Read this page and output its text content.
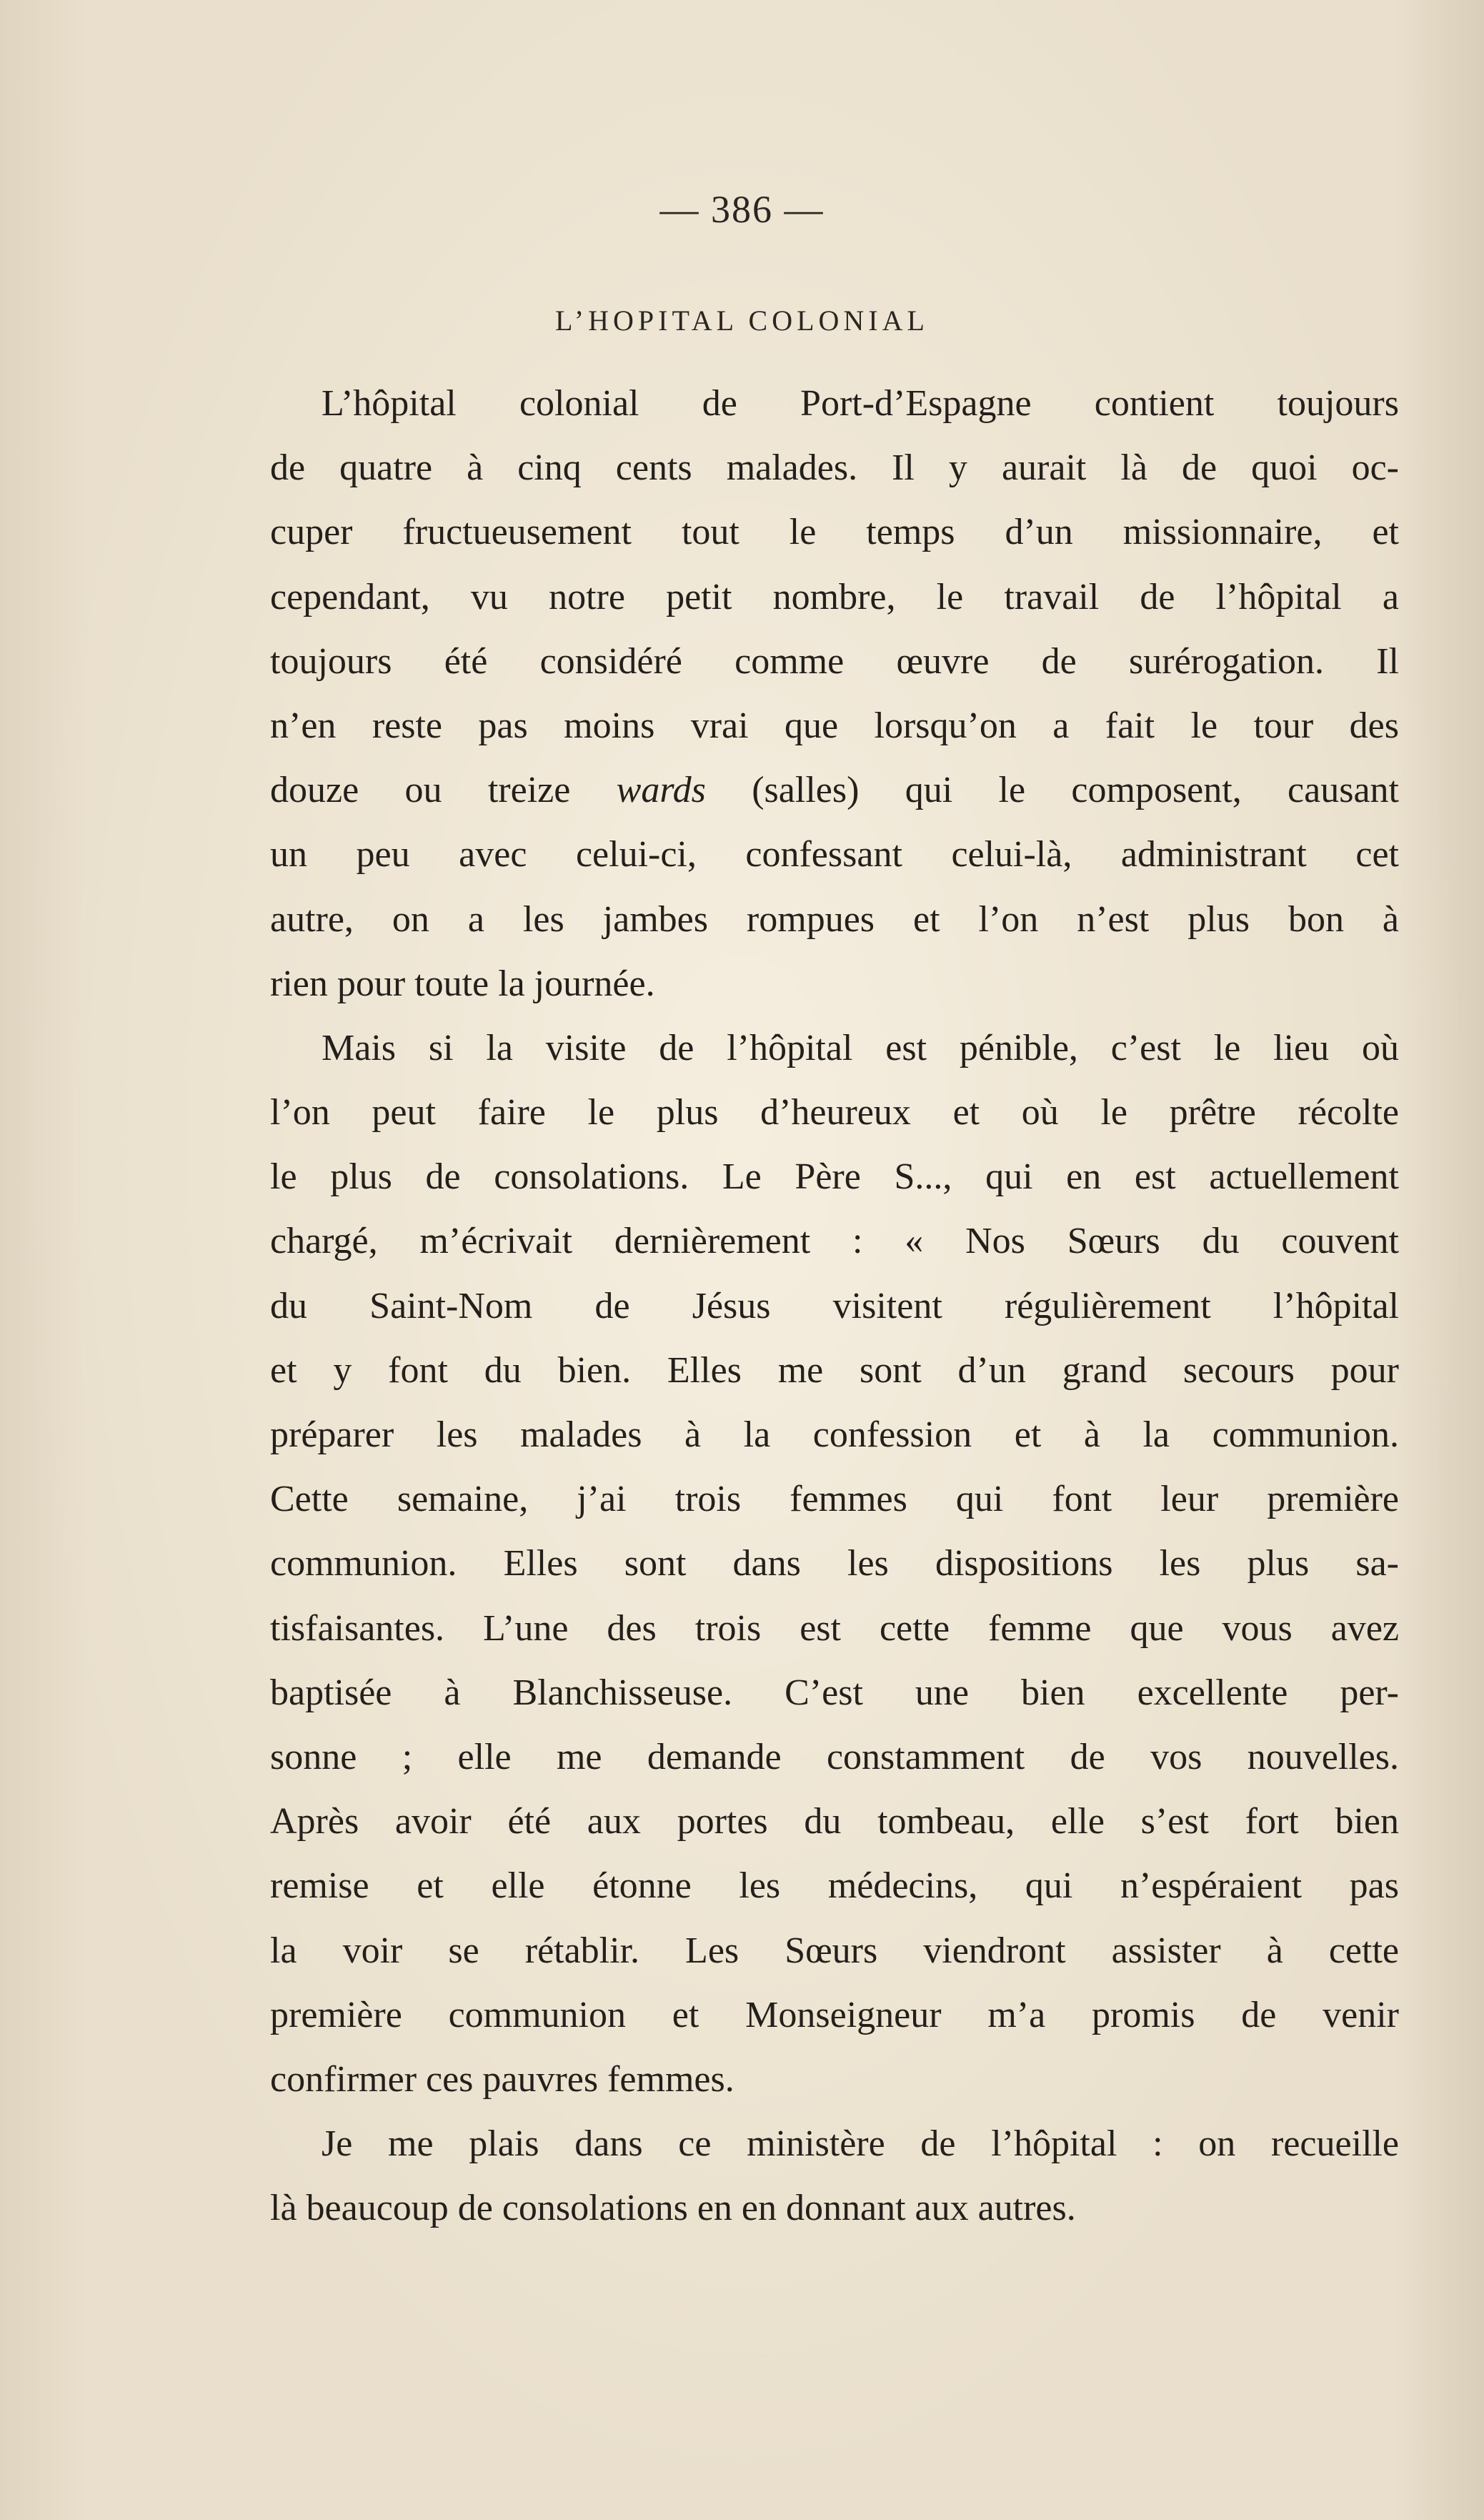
— 386 —
L’HOPITAL COLONIAL
L’hôpital colonial de Port-d’Espagne contient toujours
de quatre à cinq cents malades. Il y aurait là de quoi oc-
cuper fructueusement tout le temps d’un missionnaire, et
cependant, vu notre petit nombre, le travail de l’hôpital a
toujours été considéré comme œuvre de surérogation. Il
n’en reste pas moins vrai que lorsqu’on a fait le tour des
douze ou treize wards (salles) qui le composent, causant
un peu avec celui-ci, confessant celui-là, administrant cet
autre, on a les jambes rompues et l’on n’est plus bon à
rien pour toute la journée.
Mais si la visite de l’hôpital est pénible, c’est le lieu où
l’on peut faire le plus d’heureux et où le prêtre récolte
le plus de consolations. Le Père S..., qui en est actuellement
chargé, m’écrivait dernièrement : « Nos Sœurs du couvent
du Saint-Nom de Jésus visitent régulièrement l’hôpital
et y font du bien. Elles me sont d’un grand secours pour
préparer les malades à la confession et à la communion.
Cette semaine, j’ai trois femmes qui font leur première
communion. Elles sont dans les dispositions les plus sa-
tisfaisantes. L’une des trois est cette femme que vous avez
baptisée à Blanchisseuse. C’est une bien excellente per-
sonne ; elle me demande constamment de vos nouvelles.
Après avoir été aux portes du tombeau, elle s’est fort bien
remise et elle étonne les médecins, qui n’espéraient pas
la voir se rétablir. Les Sœurs viendront assister à cette
première communion et Monseigneur m’a promis de venir
confirmer ces pauvres femmes.
Je me plais dans ce ministère de l’hôpital : on recueille
là beaucoup de consolations en en donnant aux autres.
